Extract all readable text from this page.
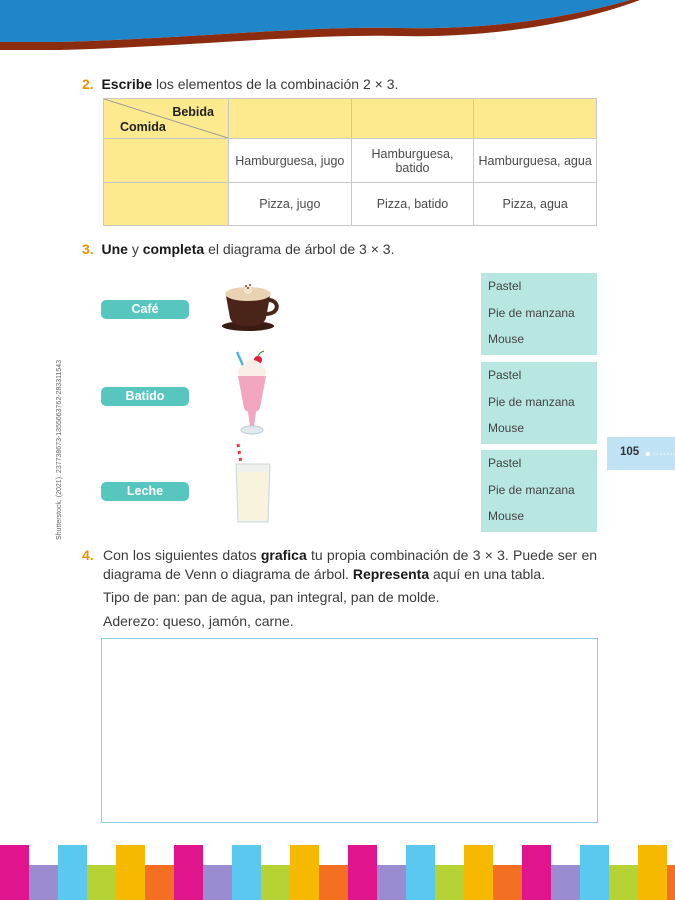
2. Escribe los elementos de la combinación 2 × 3.
Bebida
Comida			

	Hamburguesa, jugo	Hamburguesa, batido	Hamburguesa, agua
	Pizza, jugo	Pizza, batido	Pizza, agua
3. Une y completa el diagrama de árbol de 3 × 3.
Café
Batido
Leche
Pastel
Pie de manzana
Mouse
Pastel
Pie de manzana
Mouse
Pastel
Pie de manzana
Mouse
Shutterstock, (2021). 237738673-1355663762-283311543	105
4. Con los siguientes datos grafica tu propia combinación de 3 × 3. Puede ser en diagrama de Venn o diagrama de árbol. Representa aquí en una tabla.
Tipo de pan: pan de agua, pan integral, pan de molde.
Aderezo: queso, jamón, carne.
